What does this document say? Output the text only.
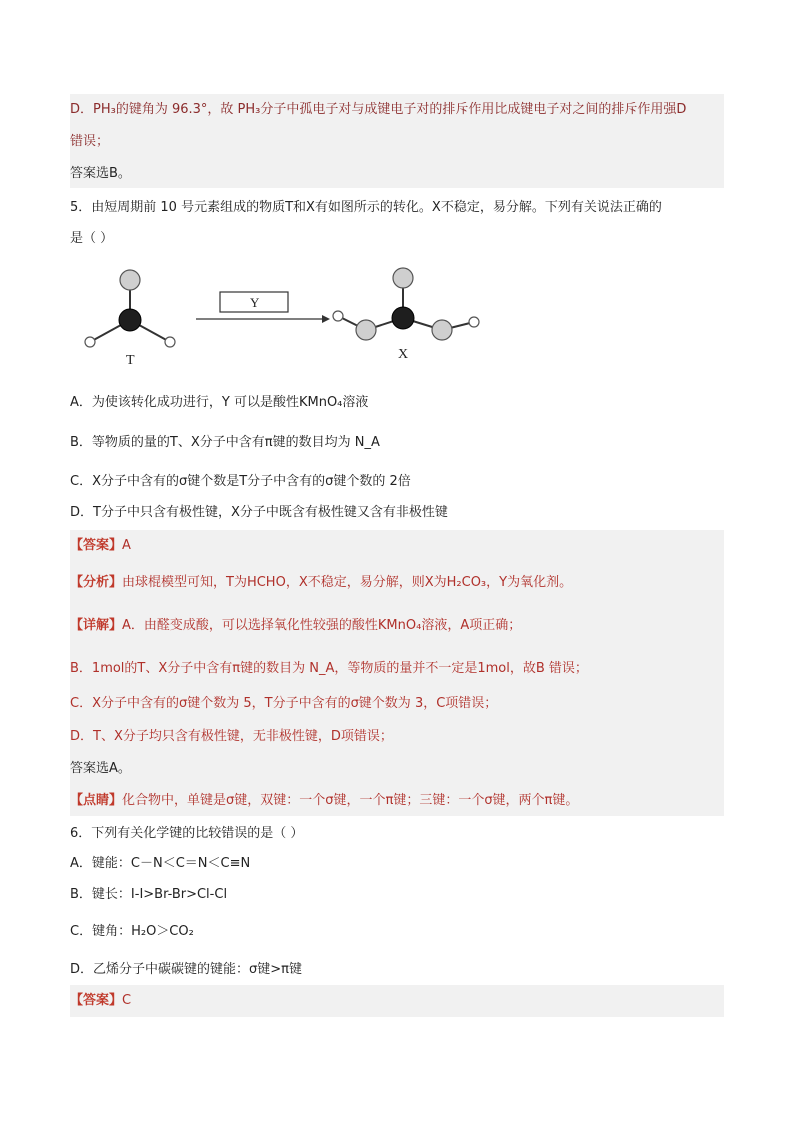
D．PH₃的键角为 96.3°，故 PH₃分子中孤电子对与成键电子对的排斥作用比成键电子对之间的排斥作用强D
错误；
答案选B。
5．由短周期前 10 号元素组成的物质T和X有如图所示的转化。X不稳定，易分解。下列有关说法正确的
是（ ）
T
Y
X
A．为使该转化成功进行，Y 可以是酸性KMnO₄溶液
B．等物质的量的T、X分子中含有π键的数目均为 N_A
C．X分子中含有的σ键个数是T分子中含有的σ键个数的 2倍
D．T分子中只含有极性键，X分子中既含有极性键又含有非极性键
【答案】A
【分析】由球棍模型可知，T为HCHO，X不稳定，易分解，则X为H₂CO₃，Y为氧化剂。
【详解】A．由醛变成酸，可以选择氧化性较强的酸性KMnO₄溶液，A项正确；
B．1mol的T、X分子中含有π键的数目为 N_A，等物质的量并不一定是1mol，故B 错误；
C．X分子中含有的σ键个数为 5，T分子中含有的σ键个数为 3，C项错误；
D．T、X分子均只含有极性键，无非极性键，D项错误；
答案选A。
【点睛】化合物中，单键是σ键，双键：一个σ键，一个π键；三键：一个σ键，两个π键。
6．下列有关化学键的比较错误的是（ ）
A．键能：C－N＜C＝N＜C≡N
B．键长：I-I>Br-Br>Cl-Cl
C．键角：H₂O＞CO₂
D．乙烯分子中碳碳键的键能：σ键>π键
【答案】C
